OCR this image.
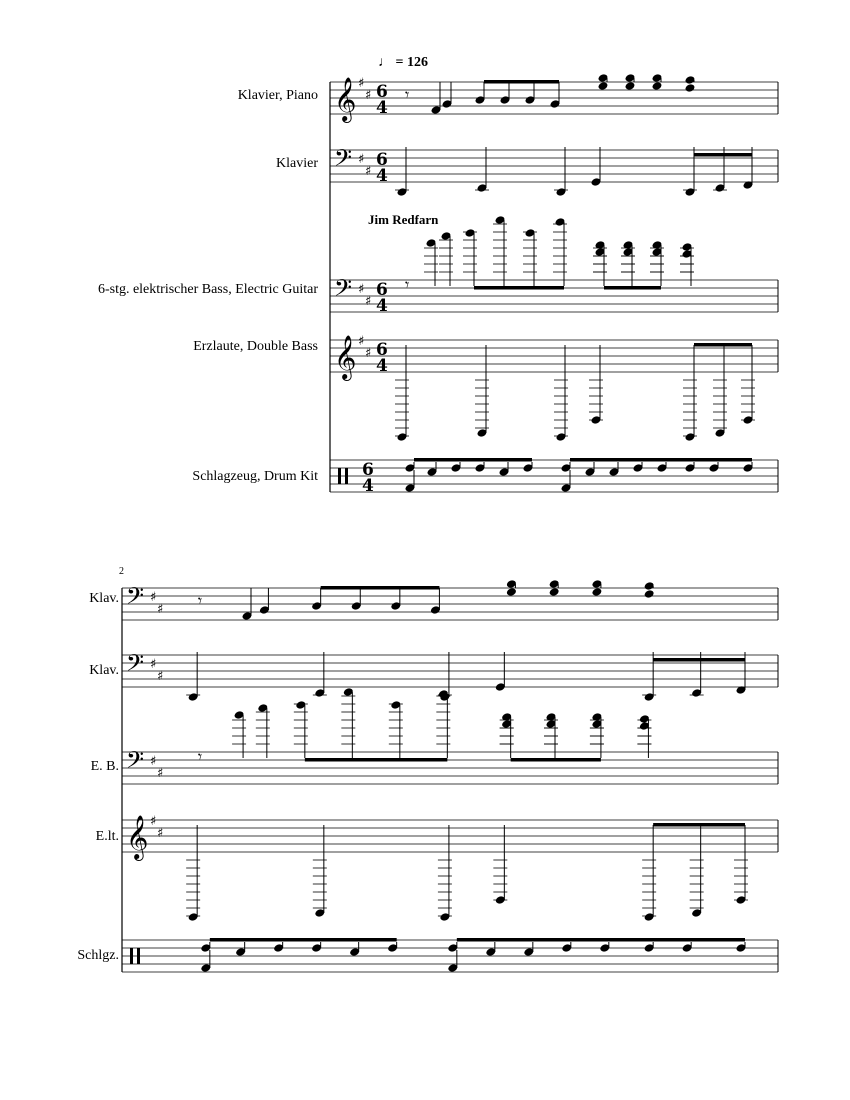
♩ = 126
Jim Redfarn
2
Klavier, Piano
Klavier
6-stg. elektrischer Bass, Electric Guitar
Erzlaute, Double Bass
Schlagzeug, Drum Kit
Klav.
Klav.
E. B.
E.lt.
Schlgz.
𝄞 ♯
♯ 6
4
𝄢 ♯
♯
6
4
𝄢 ♯
♯
6
4
𝄞 ♯
♯ 6
4
6
4
𝄢 ♯
♯
𝄢 ♯
♯
𝄢 ♯
♯
𝄞 ♯
♯
𝄾
𝄾
𝄾
𝄾
